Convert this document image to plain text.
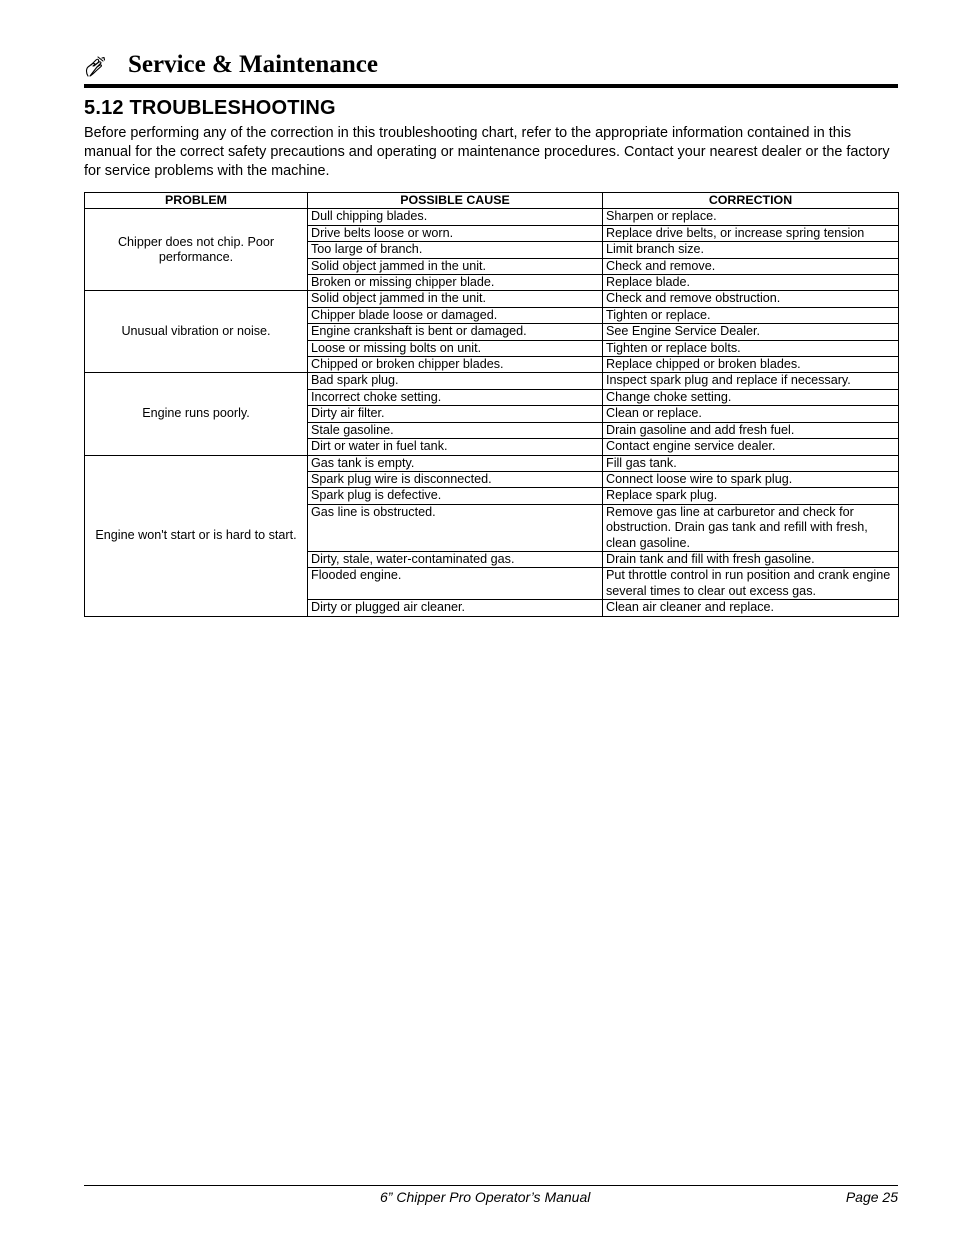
Service & Maintenance
5.12 TROUBLESHOOTING
Before performing any of the correction in this troubleshooting chart, refer to the appropriate information contained in this manual for the correct safety precautions and operating or maintenance procedures. Contact your nearest dealer or the factory for service problems with the machine.
PROBLEM	POSSIBLE CAUSE	CORRECTION
Chipper does not chip. Poor performance.	Dull chipping blades.	Sharpen or replace.
	Drive belts loose or worn.	Replace drive belts, or increase spring tension
	Too large of branch.	Limit branch size.
	Solid object jammed in the unit.	Check and remove.
	Broken or missing chipper blade.	Replace blade.
Unusual vibration or noise.	Solid object jammed in the unit.	Check and remove obstruction.
	Chipper blade loose or damaged.	Tighten or replace.
	Engine crankshaft is bent or damaged.	See Engine Service Dealer.
	Loose or missing bolts on unit.	Tighten or replace bolts.
	Chipped or broken chipper blades.	Replace chipped or broken blades.
Engine runs poorly.	Bad spark plug.	Inspect spark plug and replace if necessary.
	Incorrect choke setting.	Change choke setting.
	Dirty air filter.	Clean or replace.
	Stale gasoline.	Drain gasoline and add fresh fuel.
	Dirt or water in fuel tank.	Contact engine service dealer.
Engine won't start or is hard to start.	Gas tank is empty.	Fill gas tank.
	Spark plug wire is disconnected.	Connect loose wire to spark plug.
	Spark plug is defective.	Replace spark plug.
	Gas line is obstructed.	Remove gas line at carburetor and check for obstruction. Drain gas tank and refill with fresh, clean gasoline.
	Dirty, stale, water-contaminated gas.	Drain tank and fill with fresh gasoline.
	Flooded engine.	Put throttle control in run position and crank engine several times to clear out excess gas.
	Dirty or plugged air cleaner.	Clean air cleaner and replace.
6” Chipper Pro Operator’s Manual	Page 25
